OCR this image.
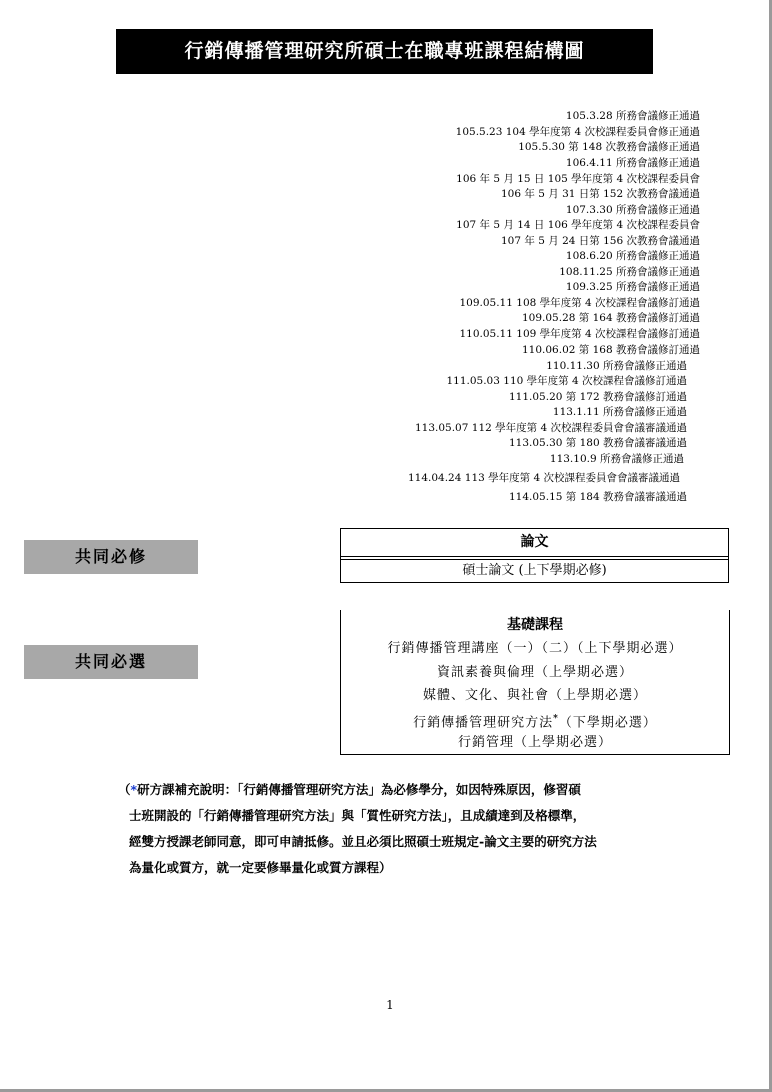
行銷傳播管理研究所碩士在職專班課程結構圖
105.3.28 所務會議修正通過
105.5.23 104 學年度第 4 次校課程委員會修正通過
105.5.30 第 148 次教務會議修正通過
106.4.11 所務會議修正通過
106 年 5 月 15 日 105 學年度第 4 次校課程委員會
106 年 5 月 31 日第 152 次教務會議通過
107.3.30 所務會議修正通過
107 年 5 月 14 日 106 學年度第 4 次校課程委員會
107 年 5 月 24 日第 156 次教務會議通過
108.6.20 所務會議修正通過
108.11.25 所務會議修正通過
109.3.25 所務會議修正通過
109.05.11 108 學年度第 4 次校課程會議修訂通過
109.05.28 第 164 教務會議修訂通過
110.05.11 109 學年度第 4 次校課程會議修訂通過
110.06.02 第 168 教務會議修訂通過
110.11.30 所務會議修正通過
111.05.03 110 學年度第 4 次校課程會議修訂通過
111.05.20 第 172 教務會議修訂通過
113.1.11 所務會議修正通過
113.05.07 112 學年度第 4 次校課程委員會會議審議通過
113.05.30 第 180 教務會議審議通過
113.10.9 所務會議修正通過
114.04.24 113 學年度第 4 次校課程委員會會議審議通過
114.05.15 第 184 教務會議審議通過
共同必修
論文
碩士論文 (上下學期必修)
共同必選
基礎課程
行銷傳播管理講座（一）（二）（上下學期必選）
資訊素養與倫理（上學期必選）
媒體、文化、與社會（上學期必選）
行銷傳播管理研究方法*（下學期必選）
行銷管理（上學期必選）
（*研方課補充說明：「行銷傳播管理研究方法」為必修學分，如因特殊原因，修習碩
士班開設的「行銷傳播管理研究方法」與「質性研究方法」，且成績達到及格標準，
經雙方授課老師同意，即可申請抵修。並且必須比照碩士班規定-論文主要的研究方法
為量化或質方，就一定要修畢量化或質方課程）
1
